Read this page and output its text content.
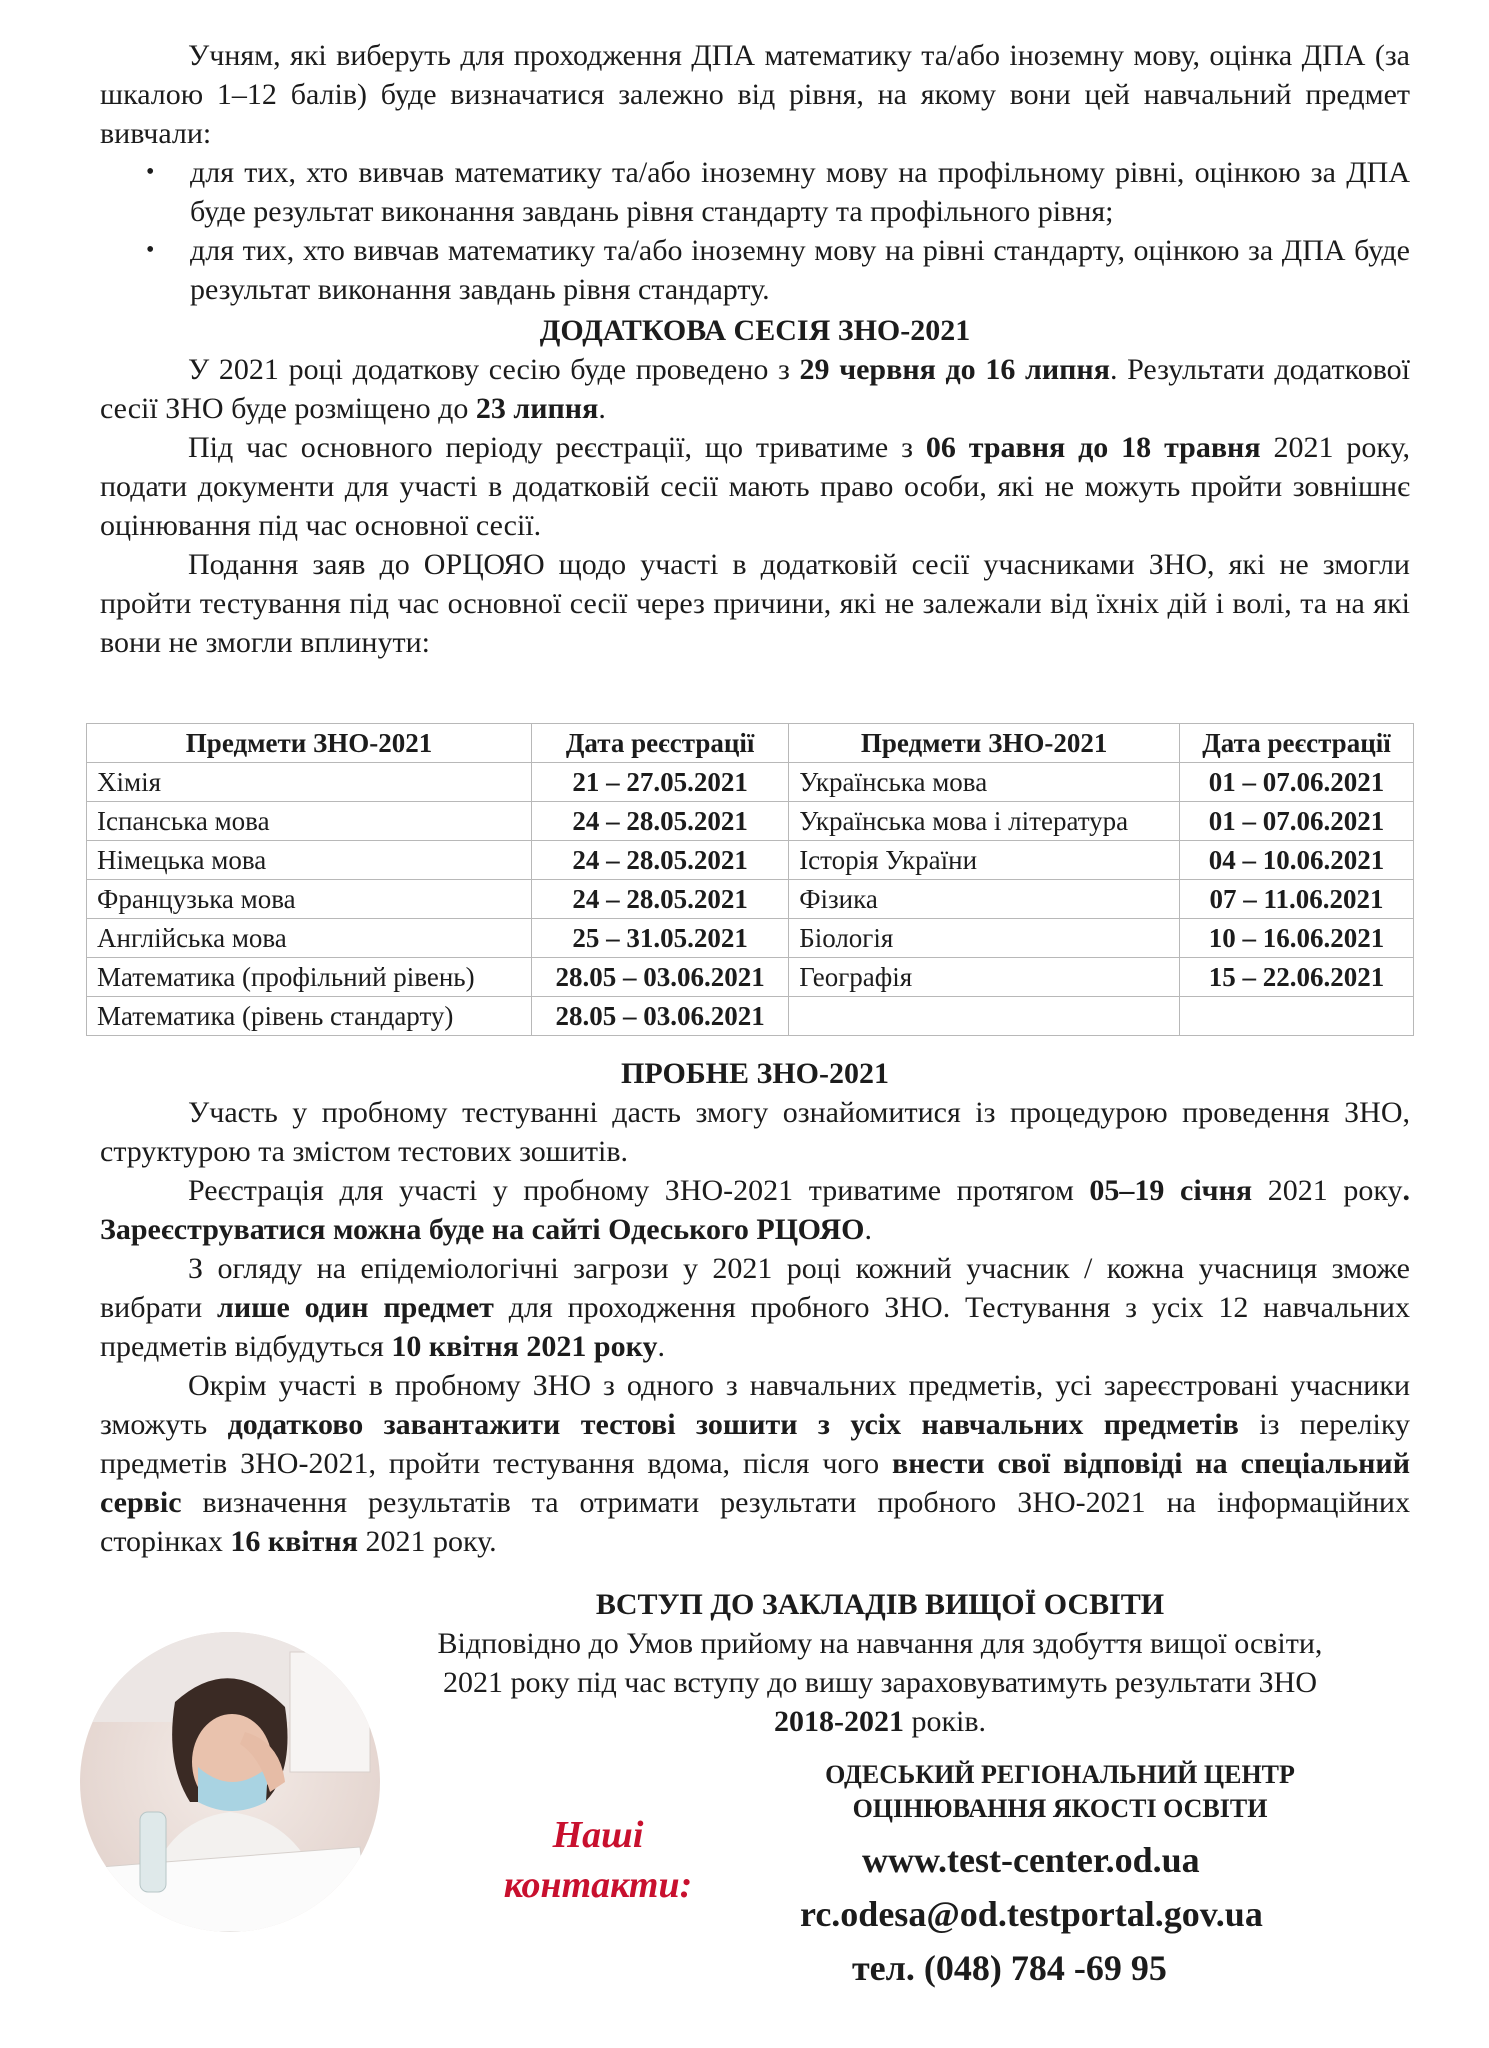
Учням, які виберуть для проходження ДПА математику та/або іноземну мову, оцінка ДПА (за шкалою 1–12 балів) буде визначатися залежно від рівня, на якому вони цей навчальний предмет вивчали:

• для тих, хто вивчав математику та/або іноземну мову на профільному рівні, оцінкою за ДПА буде результат виконання завдань рівня стандарту та профільного рівня;
• для тих, хто вивчав математику та/або іноземну мову на рівні стандарту, оцінкою за ДПА буде результат виконання завдань рівня стандарту.
ДОДАТКОВА СЕСІЯ ЗНО-2021

У 2021 році додаткову сесію буде проведено з 29 червня до 16 липня. Результати додаткової сесії ЗНО буде розміщено до 23 липня.

Під час основного періоду реєстрації, що триватиме з 06 травня до 18 травня 2021 року, подати документи для участі в додатковій сесії мають право особи, які не можуть пройти зовнішнє оцінювання під час основної сесії.

Подання заяв до ОРЦОЯО щодо участі в додатковій сесії учасниками ЗНО, які не змогли пройти тестування під час основної сесії через причини, які не залежали від їхніх дій і волі, та на які вони не змогли вплинути:

Предмети ЗНО-2021	Дата реєстрації	Предмети ЗНО-2021	Дата реєстрації
Хімія	21 – 27.05.2021	Українська мова	01 – 07.06.2021
Іспанська мова	24 – 28.05.2021	Українська мова і література	01 – 07.06.2021
Німецька мова	24 – 28.05.2021	Історія України	04 – 10.06.2021
Французька мова	24 – 28.05.2021	Фізика	07 – 11.06.2021
Англійська мова	25 – 31.05.2021	Біологія	10 – 16.06.2021
Математика (профільний рівень)	28.05 – 03.06.2021	Географія	15 – 22.06.2021
Математика (рівень стандарту)	28.05 – 03.06.2021		
ПРОБНЕ ЗНО-2021

Участь у пробному тестуванні дасть змогу ознайомитися із процедурою проведення ЗНО, структурою та змістом тестових зошитів.

Реєстрація для участі у пробному ЗНО-2021 триватиме протягом 05–19 січня 2021 року. Зареєструватися можна буде на сайті Одеського РЦОЯО.

З огляду на епідеміологічні загрози у 2021 році кожний учасник / кожна учасниця зможе вибрати лише один предмет для проходження пробного ЗНО. Тестування з усіх 12 навчальних предметів відбудуться 10 квітня 2021 року.

Окрім участі в пробному ЗНО з одного з навчальних предметів, усі зареєстровані учасники зможуть додатково завантажити тестові зошити з усіх навчальних предметів із переліку предметів ЗНО-2021, пройти тестування вдома, після чого внести свої відповіді на спеціальний сервіс визначення результатів та отримати результати пробного ЗНО-2021 на інформаційних сторінках 16 квітня 2021 року.

ВСТУП ДО ЗАКЛАДІВ ВИЩОЇ ОСВІТИ

Відповідно до Умов прийому на навчання для здобуття вищої освіти,

2021 року під час вступу до вишу зараховуватимуть результати ЗНО

2018-2021 років.

Наші
контакти:
ОДЕСЬКИЙ РЕГІОНАЛЬНИЙ ЦЕНТР
ОЦІНЮВАННЯ ЯКОСТІ ОСВІТИ
www.test-center.od.ua
rc.odesa@od.testportal.gov.ua
тел. (048) 784 -69 95
